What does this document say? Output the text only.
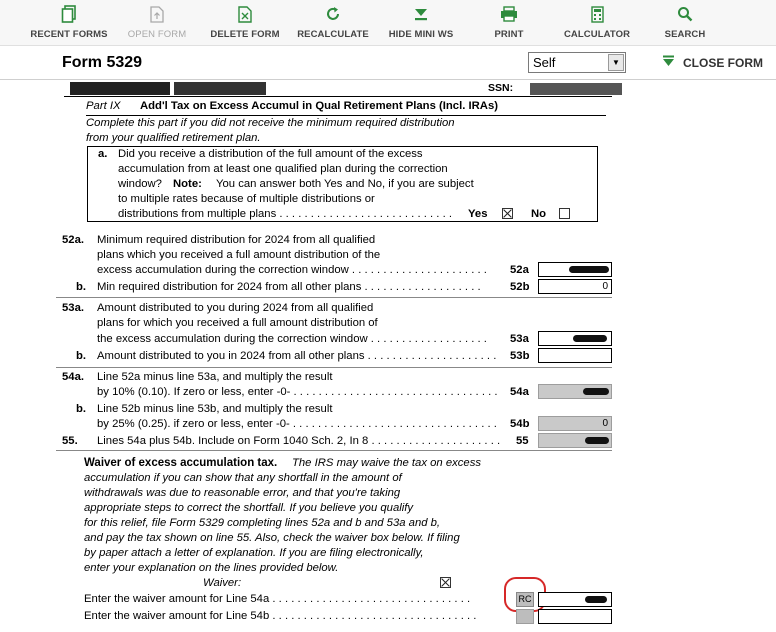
RECENT FORMS OPEN FORM	DELETE FORM RECALCULATE HIDE MINI WS	PRINT	CALCULATOR	SEARCH
Form 5329	Self	▼	CLOSE FORM
SSN:
Part IX Add'l Tax on Excess Accumul in Qual Retirement Plans (Incl. IRAs)
Complete this part if you did not receive the minimum required distribution
from your qualified retirement plan.
a. Did you receive a distribution of the full amount of the excess
accumulation from at least one qualified plan during the correction
window? Note: You can answer both Yes and No, if you are subject
to multiple rates because of multiple distributions or
distributions from multiple plans . . . . . . . . . . . . . . . . . . . . . . . . . . . . Yes	No
52a. Minimum required distribution for 2024 from all qualified
plans which you received a full amount distribution of the
excess accumulation during the correction window . . . . . . . . . . . . . . . . . . . . . . 52a
b. Min required distribution for 2024 from all other plans . . . . . . . . . . . . . . . . . . .	52b	0
53a. Amount distributed to you during 2024 from all qualified
plans for which you received a full amount distribution of
the excess accumulation during the correction window . . . . . . . . . . . . . . . . . . . 53a
b. Amount distributed to you in 2024 from all other plans . . . . . . . . . . . . . . . . . . . . . 53b
54a. Line 52a minus line 53a, and multiply the result
by 10% (0.10). If zero or less, enter -0- . . . . . . . . . . . . . . . . . . . . . . . . . . . . . . . . . 54a
b. Line 52b minus line 53b, and multiply the result
by 25% (0.25). if zero or less, enter -0- . . . . . . . . . . . . . . . . . . . . . . . . . . . . . . . . . 54b	0
55. Lines 54a plus 54b. Include on Form 1040 Sch. 2, In 8 . . . . . . . . . . . . . . . . . . . . . 55
Waiver of excess accumulation tax. The IRS may waive the tax on excess
accumulation if you can show that any shortfall in the amount of
withdrawals was due to reasonable error, and that you're taking
appropriate steps to correct the shortfall. If you believe you qualify
for this relief, file Form 5329 completing lines 52a and b and 53a and b,
and pay the tax shown on line 55. Also, check the waiver box below. If filing
by paper attach a letter of explanation. If you are filing electronically,
enter your explanation on the lines provided below.
Waiver:
Enter the waiver amount for Line 54a . . . . . . . . . . . . . . . . . . . . . . . . . . . . . . . .	RC
Enter the waiver amount for Line 54b . . . . . . . . . . . . . . . . . . . . . . . . . . . . . . . . .
